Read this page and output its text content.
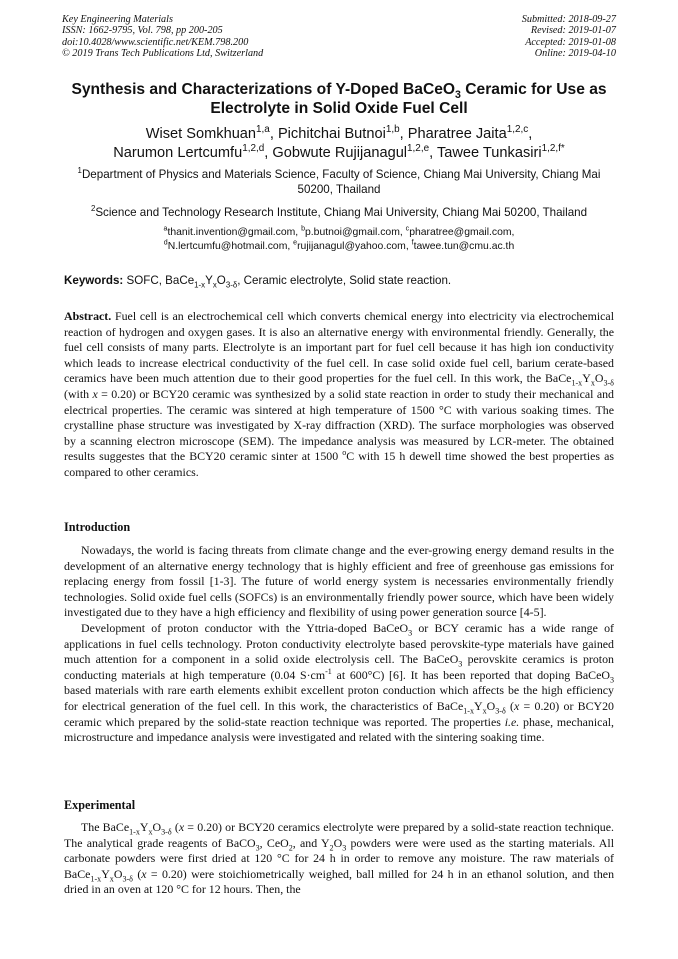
Key Engineering Materials
ISSN: 1662-9795, Vol. 798, pp 200-205
doi:10.4028/www.scientific.net/KEM.798.200
© 2019 Trans Tech Publications Ltd, Switzerland
Submitted: 2018-09-27
Revised: 2019-01-07
Accepted: 2019-01-08
Online: 2019-04-10
Synthesis and Characterizations of Y-Doped BaCeO$_3$ Ceramic for Use as
Electrolyte in Solid Oxide Fuel Cell
Wiset Somkhuan$^{1,a}$, Pichitchai Butnoi$^{1,b}$, Pharatree Jaita$^{1,2,c}$,
Narumon Lertcumfu$^{1,2,d}$, Gobwute Rujijanagul$^{1,2,e}$, Tawee Tunkasiri$^{1,2,f*}$
$^1$Department of Physics and Materials Science, Faculty of Science, Chiang Mai University, Chiang Mai 50200, Thailand
$^2$Science and Technology Research Institute, Chiang Mai University, Chiang Mai 50200, Thailand
$^a$thanit.invention@gmail.com, $^b$p.butnoi@gmail.com, $^c$pharatree@gmail.com,
$^d$N.lertcumfu@hotmail.com, $^e$rujijanagul@yahoo.com, $^f$tawee.tun@cmu.ac.th
Keywords: SOFC, $BaCe_{1-x}Y_xO_{3-\delta}$, Ceramic electrolyte, Solid state reaction.
Abstract. Fuel cell is an electrochemical cell which converts chemical energy into electricity via electrochemical reaction of hydrogen and oxygen gases. It is also an alternative energy with environmental friendly. Generally, the fuel cell consists of many parts. Electrolyte is an important part for fuel cell because it has high ion conductivity which leads to increase electrical conductivity of the fuel cell. In case solid oxide fuel cell, barium cerate-based ceramics have been much attention due to their good properties for the fuel cell. In this work, the $BaCe_{1-x}Y_xO_{3-\delta}$ (with x = 0.20) or BCY20 ceramic was synthesized by a solid state reaction in order to study their mechanical and electrical properties. The ceramic was sintered at high temperature of 1500 °C with various soaking times. The crystalline phase structure was investigated by X-ray diffraction (XRD). The surface morphologies was observed by a scanning electron microscope (SEM). The impedance analysis was measured by LCR-meter. The obtained results suggestes that the BCY20 ceramic sinter at 1500 $^o$C with 15 h dewell time showed the best properties as compared to other ceramics.
Introduction

Nowadays, the world is facing threats from climate change and the ever-growing energy demand results in the development of an alternative energy technology that is highly efficient and free of greenhouse gas emissions for replacing energy from fossil [1-3]. The future of world energy system is necessaries environmentally friendly technologies. Solid oxide fuel cells (SOFCs) is an environmentally friendly power source, which have been widely investigated due to they have a high efficiency and flexibility of using power generation source [4-5].

Development of proton conductor with the Yttria-doped BaCeO$_3$ or BCY ceramic has a wide range of applications in fuel cells technology. Proton conductivity electrolyte based perovskite-type materials have gained much attention for a component in a solid oxide electrolysis cell. The BaCeO$_3$ perovskite ceramics is proton conducting materials at high temperature (0.04 $S\cdot cm^{-1}$ at 600°C) [6]. It has been reported that doping BaCeO$_3$ based materials with rare earth elements exhibit excellent proton conduction which affects be the high efficiency for electrical generation of the fuel cell. In this work, the characteristics of $BaCe_{1-x}Y_xO_{3-\delta}$ (x = 0.20) or BCY20 ceramic which prepared by the solid-state reaction technique was reported. The properties i.e. phase, mechanical, microstructure and impedance analysis were investigated and related with the sintering soaking time.

Experimental

The $BaCe_{1-x}Y_xO_{3-\delta}$ (x = 0.20) or BCY20 ceramics electrolyte were prepared by a solid-state reaction technique. The analytical grade reagents of BaCO$_3$, CeO$_2$, and $Y_2O_3$ powders were were used as the starting materials. All carbonate powders were first dried at 120 °C for 24 h in order to remove any moisture. The raw materials of $BaCe_{1-x}Y_xO_{3-\delta}$ (x = 0.20) were stoichiometrically weighed, ball milled for 24 h in an ethanol solution, and then dried in an oven at 120 °C for 12 hours. Then, the
